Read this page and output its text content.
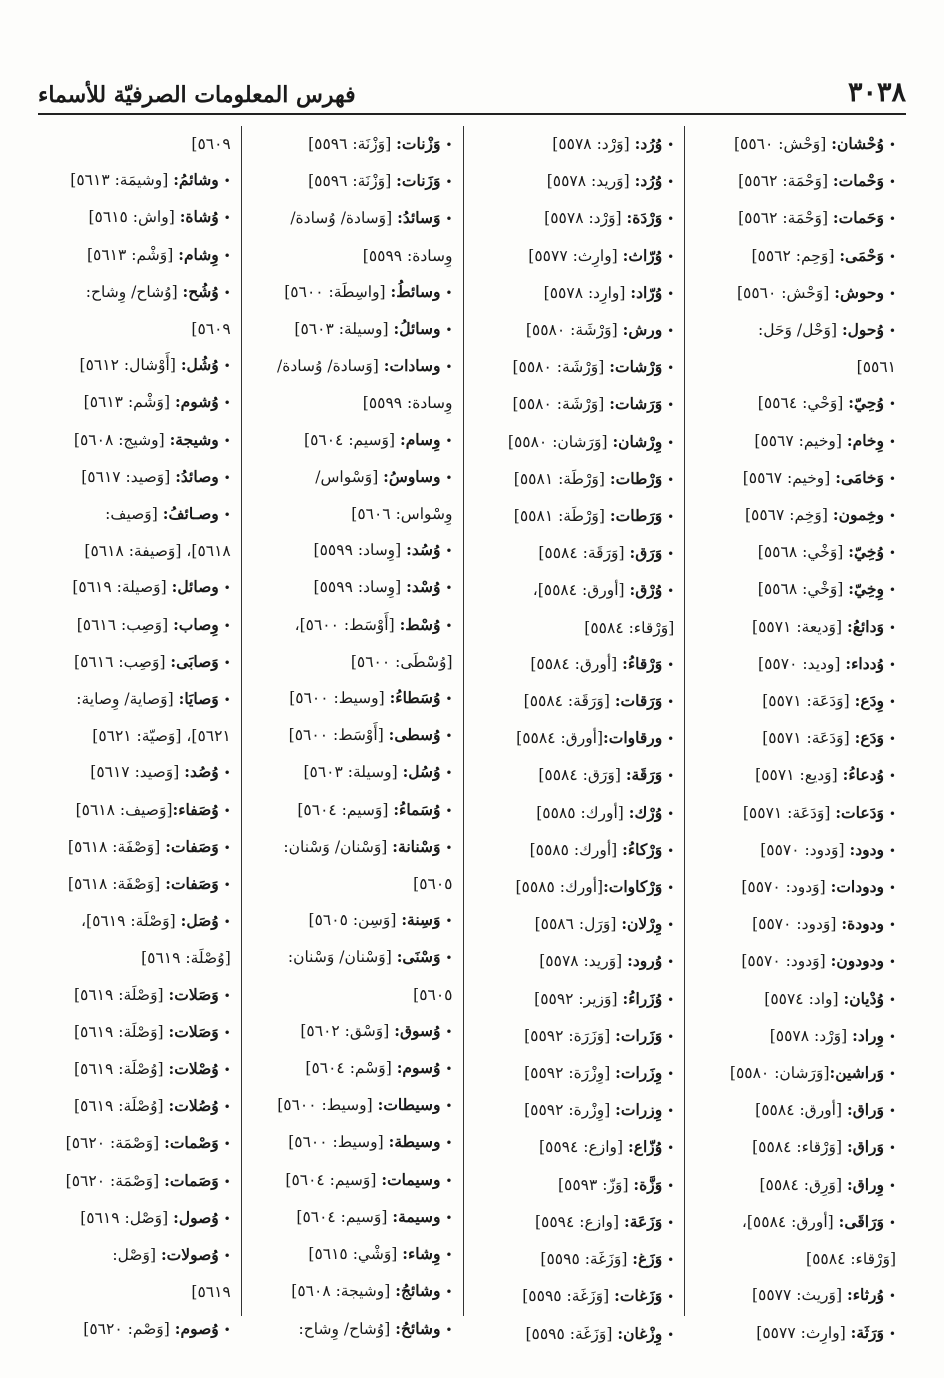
٣٠٣٨
فهرس المعلومات الصرفيّة للأسماء
•وُحْشان: [وَحْش: ٥٥٦٠]
•وَحْمات: [وَحْمَة: ٥٥٦٢]
•وَحَمات: [وَحْمَة: ٥٥٦٢]
•وَحْمَى: [وَحِم: ٥٥٦٢]
•وحوش: [وَحْش: ٥٥٦٠]
•وُحول: [وَحْل/ وَحَل:
٥٥٦١]
•وُحِيّ: [وَحْي: ٥٥٦٤]
•وِخام: [وخيم: ٥٥٦٧]
•وَخامَى: [وخيم: ٥٥٦٧]
•وخِمون: [وَخِم: ٥٥٦٧]
•وُخِيّ: [وَخْي: ٥٥٦٨]
•وِخِيّ: [وَخْي: ٥٥٦٨]
•وَدائعُ: [وَديعة: ٥٥٧١]
•وُدداء: [وديد: ٥٥٧٠]
•وِدَع: [وَدَعَة: ٥٥٧١]
•وَدَع: [وَدَعَة: ٥٥٧١]
•وُدعاءُ: [وَديع: ٥٥٧١]
•وَدَعات: [وَدَعَة: ٥٥٧١]
•ودود: [وَدود: ٥٥٧٠]
•ودودات: [وَدود: ٥٥٧٠]
•ودودة: [وَدود: ٥٥٧٠]
•ودودون: [وَدود: ٥٥٧٠]
•وُدْيان: [واد: ٥٥٧٤]
•وِراد: [وَرْد: ٥٥٧٨]
•وَراشين:[وَرَشان: ٥٥٨٠]
•وَراق: [أورق: ٥٥٨٤]
•وَراق: [وَرْقاء: ٥٥٨٤]
•وِراق: [وَرِق: ٥٥٨٤]
•وَرَاقَى: [أورق: ٥٥٨٤]،
[وَرْقاء: ٥٥٨٤]
•وُرثاء: [وَريث: ٥٥٧٧]
•وَرَثَة: [وارِث: ٥٥٧٧]
•وُرُد: [وَرْد: ٥٥٧٨]
•وُرُد: [وَريد: ٥٥٧٨]
•وَرْدَة: [وَرْد: ٥٥٧٨]
•وُرّاث: [وارِث: ٥٥٧٧]
•وُرّاد: [وارِد: ٥٥٧٨]
•ورش: [وَرْشَة: ٥٥٨٠]
•وَرْشات: [وَرْشَة: ٥٥٨٠]
•وَرَشات: [وَرْشَة: ٥٥٨٠]
•وِرْشان: [وَرَشان: ٥٥٨٠]
•وَرْطات: [وَرْطَة: ٥٥٨١]
•وَرَطات: [وَرْطَة: ٥٥٨١]
•وَرَق: [وَرَقَة: ٥٥٨٤]
•وُرْق: [أورق: ٥٥٨٤]،
[وَرْقاء: ٥٥٨٤]
•وَرْقاءُ: [أورق: ٥٥٨٤]
•وَرَقات: [وَرَقَة: ٥٥٨٤]
•ورقاوات:[أورق: ٥٥٨٤]
•وَرَقَة: [وَرَق: ٥٥٨٤]
•وُرْك: [أورك: ٥٥٨٥]
•وَرْكاءُ: [أورك: ٥٥٨٥]
•وَرْكاوات:[أورك: ٥٥٨٥]
•وِرْلان: [وَرَل: ٥٥٨٦]
•وُرود: [وَريد: ٥٥٧٨]
•وُزَراءُ: [وَزير: ٥٥٩٢]
•وَزَرات: [وَزَرَة: ٥٥٩٢]
•وِزَرات: [وِزْرَة: ٥٥٩٢]
•وِزرات: [وِزْرة: ٥٥٩٢]
•وُزّاع: [وازع: ٥٥٩٤]
•وَزَّة: [وَزّ: ٥٥٩٣]
•وَزَعَة: [وازع: ٥٥٩٤]
•وَزَغ: [وَزَغَة: ٥٥٩٥]
•وَزَغات: [وَزَغَة: ٥٥٩٥]
•وِزْغان: [وَزَغَة: ٥٥٩٥]
•وَزْنات: [وَزْنَة: ٥٥٩٦]
•وَزَنات: [وَزْنَة: ٥٥٩٦]
•وَسائدُ: [وَسادة/ وُسادة/
وِسادة: ٥٥٩٩]
•وسائطُ: [واسِطَة: ٥٦٠٠]
•وسائلُ: [وسيلة: ٥٦٠٣]
•وسادات: [وَسادة/ وُسادة/
وِسادة: ٥٥٩٩]
•وِسام: [وَسيم: ٥٦٠٤]
•وساوسُ: [وَسْواس/
وِسْواس: ٥٦٠٦]
•وُسُد: [وِساد: ٥٥٩٩]
•وُسْد: [وِساد: ٥٥٩٩]
•وُسْط: [أَوْسَط: ٥٦٠٠]،
[وُسْطَى: ٥٦٠٠]
•وُسَطاءُ: [وسيط: ٥٦٠٠]
•وُسطى: [أَوْسَط: ٥٦٠٠]
•وُسُل: [وسيلة: ٥٦٠٣]
•وُسَماءُ: [وَسيم: ٥٦٠٤]
•وَسْنانة: [وَسْنان/ وَسْنان:
٥٦٠٥]
•وَسِنة: [وَسِن: ٥٦٠٥]
•وَسْنَى: [وَسْنان/ وَسْنان:
٥٦٠٥]
•وُسوق: [وَسْق: ٥٦٠٢]
•وُسوم: [وَسْم: ٥٦٠٤]
•وسيطات: [وسيط: ٥٦٠٠]
•وسيطة: [وسيط: ٥٦٠٠]
•وسيمات: [وَسيم: ٥٦٠٤]
•وسيمة: [وَسيم: ٥٦٠٤]
•وِشاء: [وَشْي: ٥٦١٥]
•وشائجُ: [وشيجة: ٥٦٠٨]
•وشائحُ: [وُشاح/ وِشاح:
٥٦٠٩]
•وشائمُ: [وشيمَة: ٥٦١٣]
•وُشاة: [واش: ٥٦١٥]
•وِشام: [وَشْم: ٥٦١٣]
•وُشُح: [وُشاح/ وِشاح:
٥٦٠٩]
•وُشُل: [أَوْشال: ٥٦١٢]
•وُشوم: [وَشْم: ٥٦١٣]
•وشيجة: [وشيج: ٥٦٠٨]
•وصائدُ: [وَصيد: ٥٦١٧]
•وصـائفُ: [وَصيف:
٥٦١٨]، [وَصيفة: ٥٦١٨]
•وصائل: [وَصيلة: ٥٦١٩]
•وِصاب: [وَصِب: ٥٦١٦]
•وَصابَى: [وَصِب: ٥٦١٦]
•وَصايَا: [وَصاية/ وِصاية:
٥٦٢١]، [وَصيّة: ٥٦٢١]
•وُصُد: [وَصيد: ٥٦١٧]
•وُصَفاء:[وَصيف: ٥٦١٨]
•وَصَفات: [وَصْفَة: ٥٦١٨]
•وَصَفات: [وَصْفَة: ٥٦١٨]
•وُصَل: [وَصْلَة: ٥٦١٩]،
[وُصْلَة: ٥٦١٩]
•وَصَلات: [وَصْلَة: ٥٦١٩]
•وَصَلات: [وَصْلَة: ٥٦١٩]
•وُصْلات: [وُصْلَة: ٥٦١٩]
•وُصُلات: [وُصْلَة: ٥٦١٩]
•وَصْمات: [وَصْمَة: ٥٦٢٠]
•وَصَمات: [وَصْمَة: ٥٦٢٠]
•وُصول: [وَصْل: ٥٦١٩]
•وُصولات: [وَصْل:
٥٦١٩]
•وُصوم: [وَصْم: ٥٦٢٠]
